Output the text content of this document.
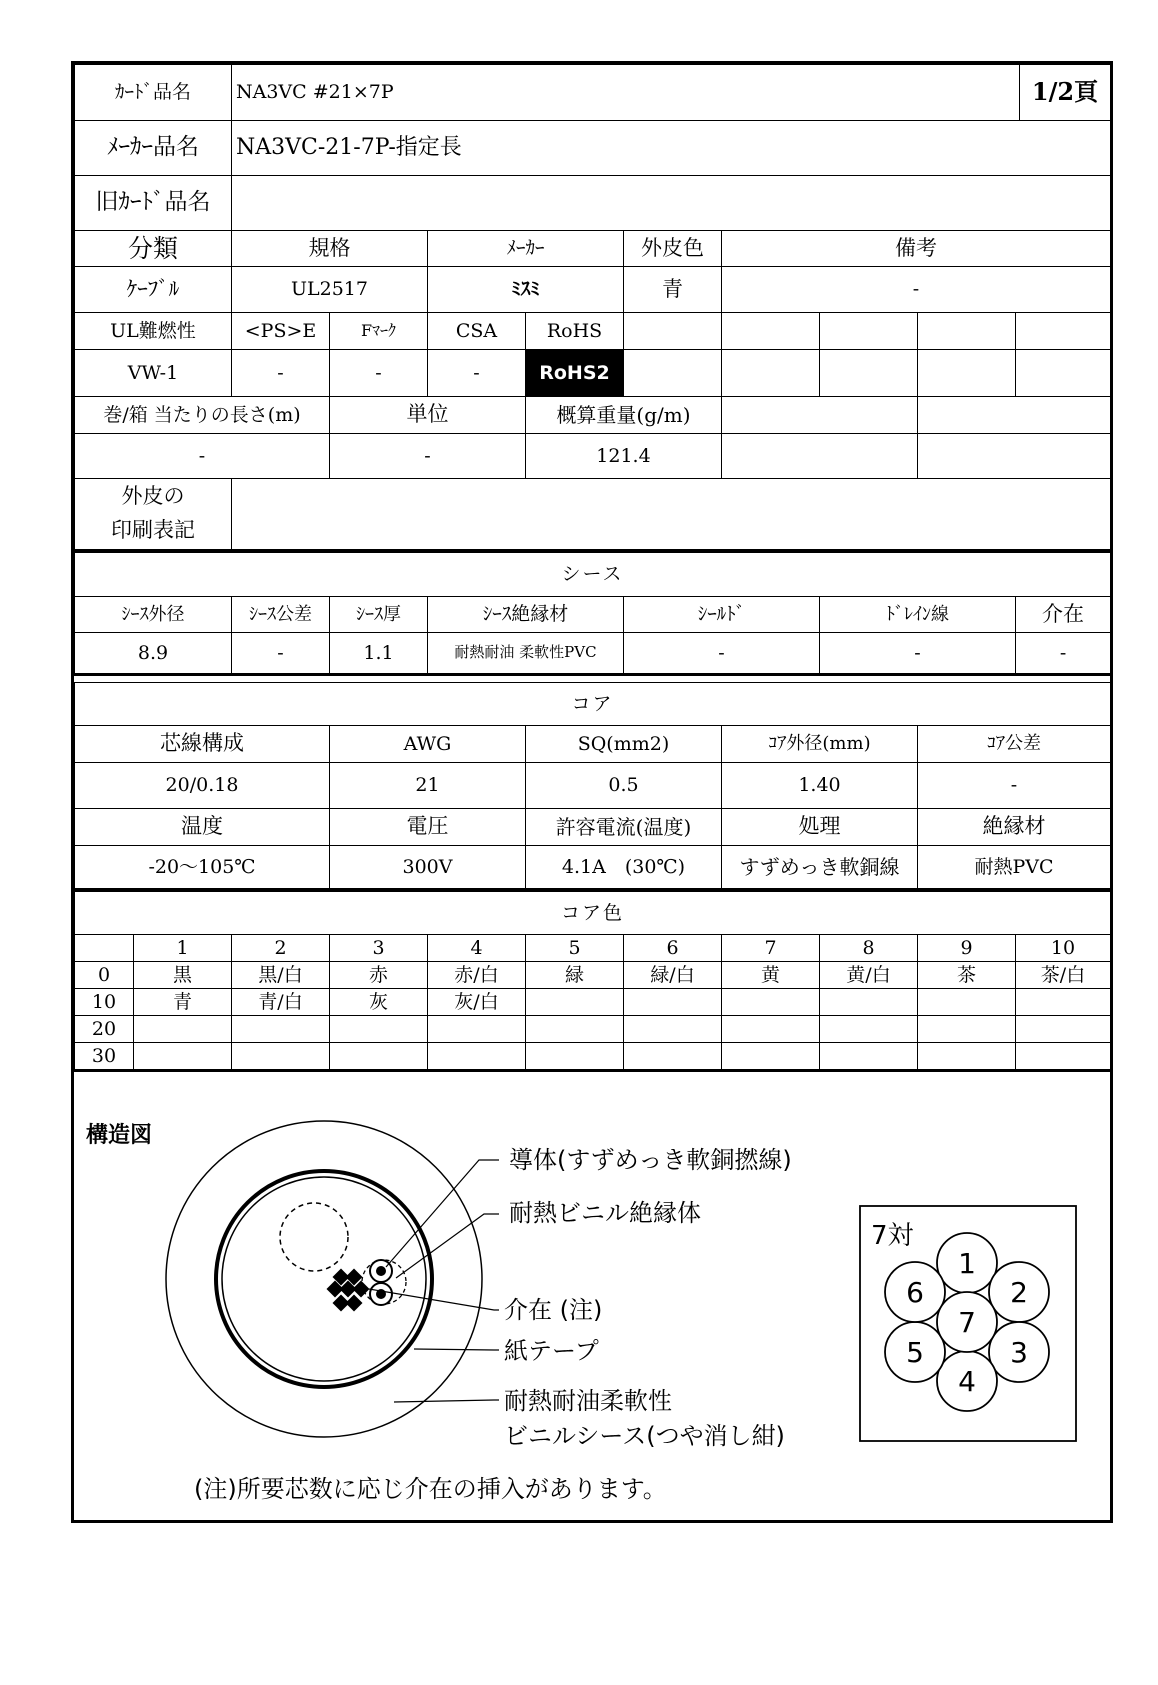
ｶｰﾄﾞ品名	NA3VC #21×7P	1/2頁
ﾒｰｶｰ品名	NA3VC-21-7P-指定長
旧ｶｰﾄﾞ品名	
分類	規格	ﾒｰｶｰ	外皮色	備考
ｹｰﾌﾞﾙ	UL2517	ﾐｽﾐ	青	-
UL難燃性	<PS>E	Fﾏｰｸ	CSA	RoHS					
VW-1	-	-	-	RoHS2					
巻/箱 当たりの長さ(m)	単位	概算重量(g/m)		
-	-	121.4		
外皮の
印刷表記

シース						
ｼｰｽ外径	ｼｰｽ公差	ｼｰｽ厚	ｼｰｽ絶縁材	ｼｰﾙﾄﾞ	ﾄﾞﾚｲﾝ線	介在
8.9	-	1.1	耐熱耐油 柔軟性PVC	-	-	-
コア				
芯線構成	AWG	SQ(mm2)	ｺｱ外径(mm)	ｺｱ公差
20/0.18	21	0.5	1.40	-
温度	電圧	許容電流(温度)	処理	絶縁材
-20～105℃	300V	4.1A　(30℃)	すずめっき軟銅線	耐熱PVC
コア色										
	1	2	3	4	5	6	7	8	9	10
0	黒	黒/白	赤	赤/白	緑	緑/白	黄	黄/白	茶	茶/白
10	青	青/白	灰	灰/白						
20										
30										
構造図
導体(すずめっき軟銅撚線)
耐熱ビニル絶縁体
介在 (注)
紙テープ
耐熱耐油柔軟性
ビニルシース(つや消し紺)
(注)所要芯数に応じ介在の挿入があります。
7対
1
2
3
4
5
6
7
